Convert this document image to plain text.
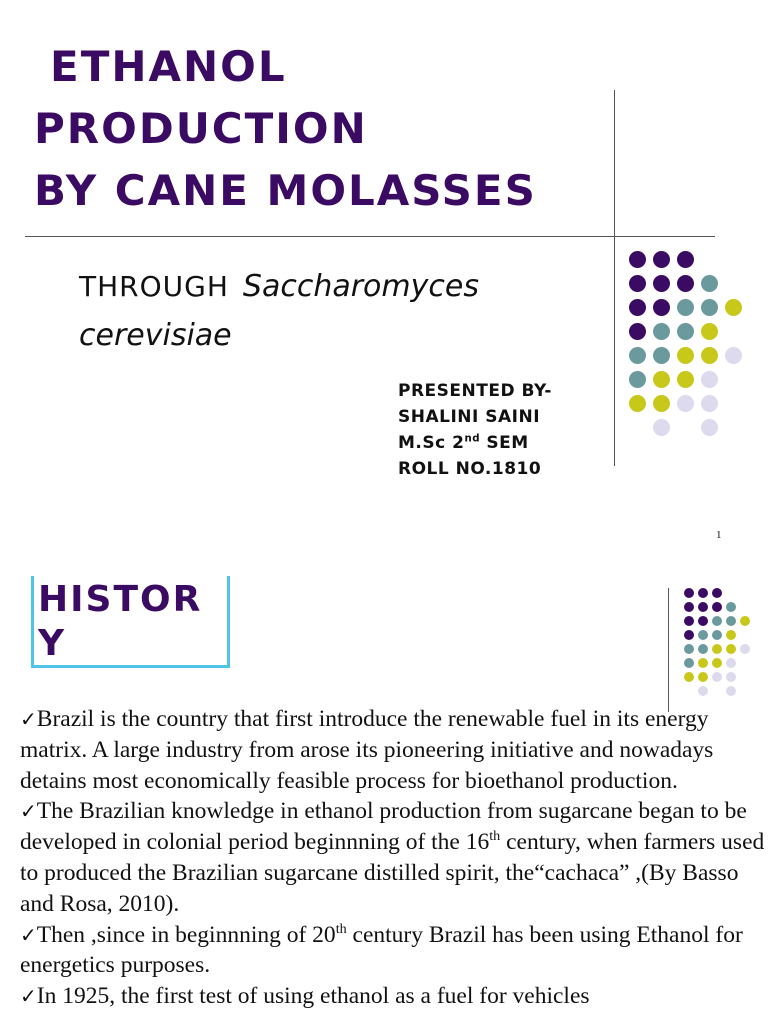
ETHANOL
PRODUCTION
BY CANE MOLASSES
THROUGH Saccharomyces
cerevisiae
PRESENTED BY-
SHALINI SAINI
M.Sc 2nd SEM
ROLL NO.1810
1
HISTORY

✓Brazil is the country that first introduce the renewable fuel in its energy matrix. A large industry from arose its pioneering initiative and nowadays detains most economically feasible process for bioethanol production.

✓The Brazilian knowledge in ethanol production from sugarcane began to be developed in colonial period beginnning of the 16th century, when farmers used to produced the Brazilian sugarcane distilled spirit, the“cachaca” ,(By Basso and Rosa, 2010).

✓Then ,since in beginnning of 20th century Brazil has been using Ethanol for energetics purposes.

✓In 1925, the first test of using ethanol as a fuel for vehicles
